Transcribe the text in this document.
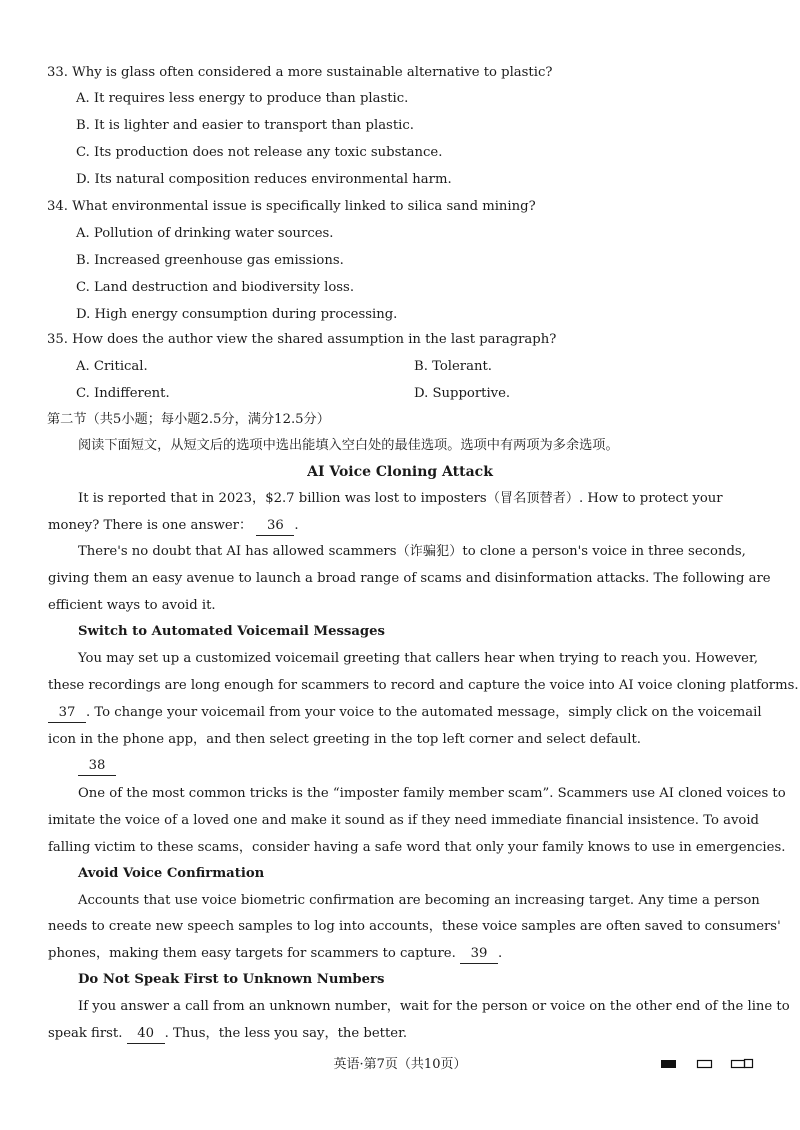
33. Why is glass often considered a more sustainable alternative to plastic?
A. It requires less energy to produce than plastic.
B. It is lighter and easier to transport than plastic.
C. Its production does not release any toxic substance.
D. Its natural composition reduces environmental harm.
34. What environmental issue is specifically linked to silica sand mining?
A. Pollution of drinking water sources.
B. Increased greenhouse gas emissions.
C. Land destruction and biodiversity loss.
D. High energy consumption during processing.
35. How does the author view the shared assumption in the last paragraph?
A. Critical.	B. Tolerant.
C. Indifferent.	D. Supportive.
第二节（共5小题；每小题2.5分，满分12.5分）
阅读下面短文，从短文后的选项中选出能填入空白处的最佳选项。选项中有两项为多余选项。
AI Voice Cloning Attack
It is reported that in 2023，$2.7 billion was lost to imposters（冒名顶替者）. How to protect your
money? There is one answer： 36 .
There's no doubt that AI has allowed scammers（诈骗犯）to clone a person's voice in three seconds,
giving them an easy avenue to launch a broad range of scams and disinformation attacks. The following are
efficient ways to avoid it.
Switch to Automated Voicemail Messages
You may set up a customized voicemail greeting that callers hear when trying to reach you. However,
these recordings are long enough for scammers to record and capture the voice into AI voice cloning platforms.
37 . To change your voicemail from your voice to the automated message，simply click on the voicemail
icon in the phone app，and then select greeting in the top left corner and select default.
38
One of the most common tricks is the “imposter family member scam”. Scammers use AI cloned voices to
imitate the voice of a loved one and make it sound as if they need immediate financial insistence. To avoid
falling victim to these scams，consider having a safe word that only your family knows to use in emergencies.
Avoid Voice Confirmation
Accounts that use voice biometric confirmation are becoming an increasing target. Any time a person
needs to create new speech samples to log into accounts，these voice samples are often saved to consumers'
phones，making them easy targets for scammers to capture. 39 .
Do Not Speak First to Unknown Numbers
If you answer a call from an unknown number，wait for the person or voice on the other end of the line to
speak first. 40 . Thus，the less you say，the better.
英语·第7页（共10页）
